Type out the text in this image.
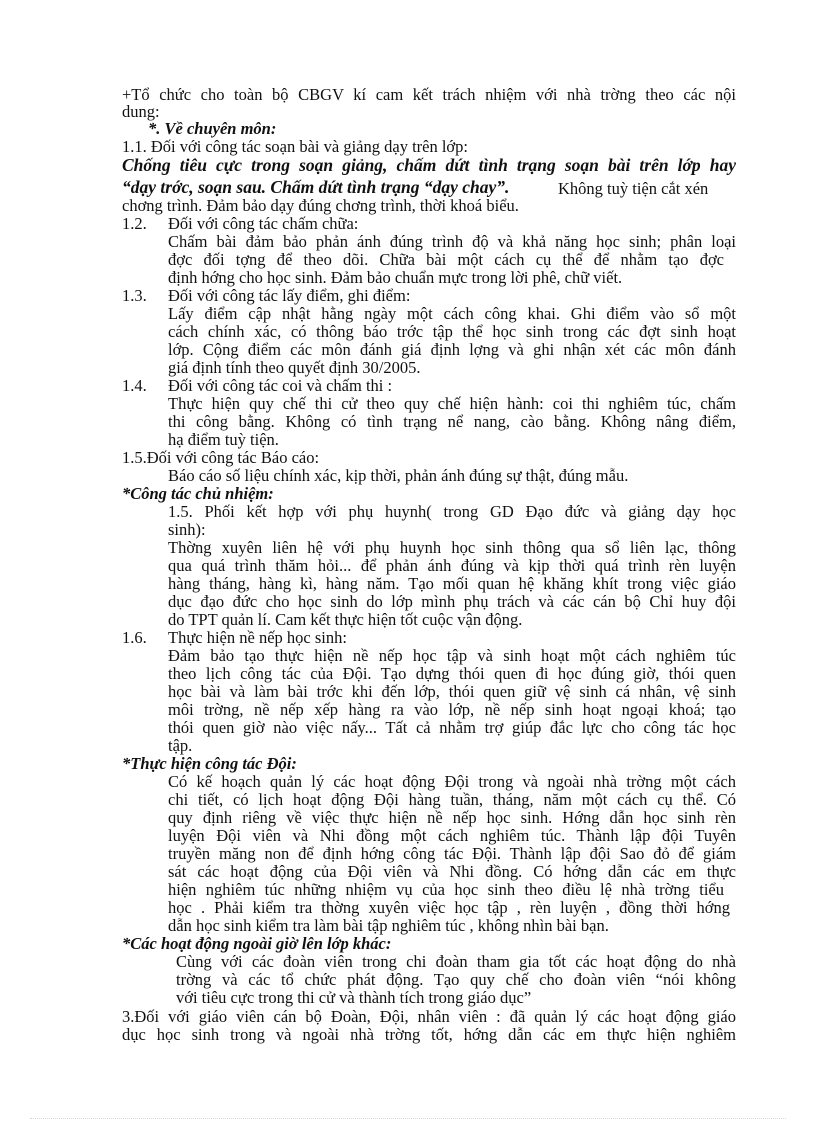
+Tổ chức cho toàn bộ CBGV kí cam kết trách nhiệm với nhà trờng theo các nội
dung:
*. Về chuyên môn:
1.1. Đối với công tác soạn bài và giảng dạy trên lớp:
Chống tiêu cực trong soạn giảng, chấm dứt tình trạng soạn bài trên lớp hay
“dạy trớc, soạn sau. Chấm dứt tình trạng “dạy chay”.	Không tuỳ tiện cắt xén
chơng trình. Đảm bảo dạy đúng chơng trình, thời khoá biểu.
1.2. Đối với công tác chấm chữa:
Chấm bài đảm bảo phản ánh đúng trình độ và khả năng học sinh; phân loại
đợc đối tợng để theo dõi. Chữa bài một cách cụ thể để nhằm tạo đợc
định hớng cho học sinh. Đảm bảo chuẩn mực trong lời phê, chữ viết.
1.3. Đối với công tác lấy điểm, ghi điểm:
Lấy điểm cập nhật hằng ngày một cách công khai. Ghi điểm vào sổ một
cách chính xác, có thông báo trớc tập thể học sinh trong các đợt sinh hoạt
lớp. Cộng điểm các môn đánh giá định lợng và ghi nhận xét các môn đánh
giá định tính theo quyết định 30/2005.
1.4. Đối với công tác coi và chấm thi :
Thực hiện quy chế thi cử theo quy chế hiện hành: coi thi nghiêm túc, chấm
thi công bằng. Không có tình trạng nể nang, cào bằng. Không nâng điểm,
hạ điểm tuỳ tiện.
1.5.Đối với công tác Báo cáo:
Báo cáo số liệu chính xác, kịp thời, phản ánh đúng sự thật, đúng mẫu.
*Công tác chủ nhiệm:
1.5. Phối kết hợp với phụ huynh( trong GD Đạo đức và giảng dạy học
sinh):
Thờng xuyên liên hệ với phụ huynh học sinh thông qua sổ liên lạc, thông
qua quá trình thăm hỏi... để phản ánh đúng và kịp thời quá trình rèn luyện
hàng tháng, hàng kì, hàng năm. Tạo mối quan hệ khăng khít trong việc giáo
dục đạo đức cho học sinh do lớp mình phụ trách và các cán bộ Chỉ huy đội
do TPT quản lí. Cam kết thực hiện tốt cuộc vận động.
1.6. Thực hiện nề nếp học sinh:
Đảm bảo tạo thực hiện nề nếp học tập và sinh hoạt một cách nghiêm túc
theo lịch công tác của Đội. Tạo dựng thói quen đi học đúng giờ, thói quen
học bài và làm bài trớc khi đến lớp, thói quen giữ vệ sinh cá nhân, vệ sinh
môi trờng, nề nếp xếp hàng ra vào lớp, nề nếp sinh hoạt ngoại khoá; tạo
thói quen giờ nào việc nấy... Tất cả nhằm trợ giúp đắc lực cho công tác học
tập.
*Thực hiện công tác Đội:
Có kế hoạch quản lý các hoạt động Đội trong và ngoài nhà trờng một cách
chi tiết, có lịch hoạt động Đội hàng tuần, tháng, năm một cách cụ thể. Có
quy định riêng về việc thực hiện nề nếp học sinh. Hớng dẫn học sinh rèn
luyện Đội viên và Nhi đồng một cách nghiêm túc. Thành lập đội Tuyên
truyền măng non để định hớng công tác Đội. Thành lập đội Sao đỏ để giám
sát các hoạt động của Đội viên và Nhi đồng. Có hớng dẫn các em thực
hiện nghiêm túc những nhiệm vụ của học sinh theo điều lệ nhà trờng tiểu
học . Phải kiểm tra thờng xuyên việc học tập , rèn luyện , đồng thời hớng
dẫn học sinh kiểm tra làm bài tập nghiêm túc , không nhìn bài bạn.
*Các hoạt động ngoài giờ lên lớp khác:
Cùng với các đoàn viên trong chi đoàn tham gia tốt các hoạt động do nhà
trờng và các tổ chức phát động. Tạo quy chế cho đoàn viên “nói không
với tiêu cực trong thi cử và thành tích trong giáo dục”
3.Đối với giáo viên cán bộ Đoàn, Đội, nhân viên : đã quản lý các hoạt động giáo
dục học sinh trong và ngoài nhà trờng tốt, hớng dẫn các em thực hiện nghiêm
